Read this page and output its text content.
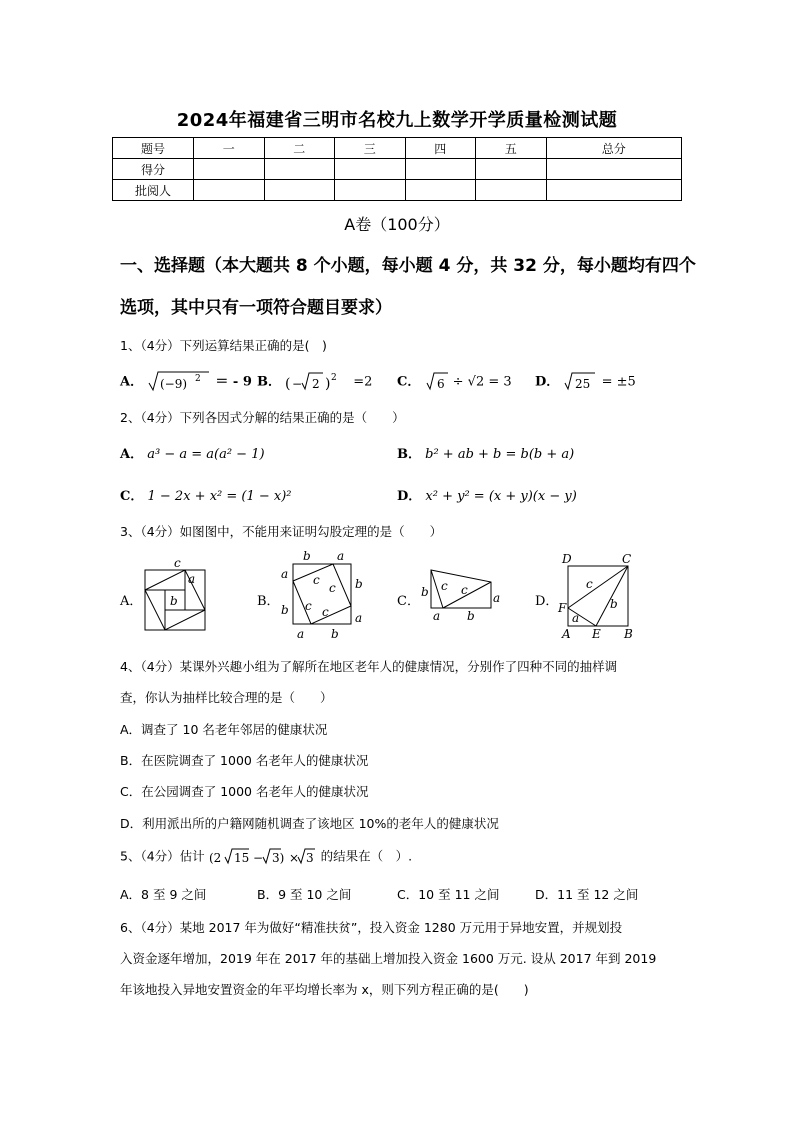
2024年福建省三明市名校九上数学开学质量检测试题
题号	一	二	三	四	五	总分
得分						
批阅人						
A卷（100分）
一、选择题（本大题共 8 个小题，每小题 4 分，共 32 分，每小题均有四个选项，其中只有一项符合题目要求）
1、（4分）下列运算结果正确的是(　)
A． (−9) 2 ＝ - 9 B． ( − 2 ) 2 =2 C． 6 ÷ √2 = 3 D． 25 = ±5
2、（4分）下列各因式分解的结果正确的是（　　）
A． a³ − a = a(a² − 1)	B． b² + ab + b = b(b + a)
C． 1 − 2x + x² = (1 − x)²	D． x² + y² = (x + y)(x − y)
3、（4分）如图图中，不能用来证明勾股定理的是（　　）
A．
c
a
b	B．
b a
a
b
b
a
a b
c
c
c c
C．
b c c
a
a b
D．
D	C
c
b
F
a
A E B
4、（4分）某课外兴趣小组为了解所在地区老年人的健康情况，分别作了四种不同的抽样调
查，你认为抽样比较合理的是（　　）
A．调查了 10 名老年邻居的健康状况
B．在医院调查了 1000 名老年人的健康状况
C．在公园调查了 1000 名老年人的健康状况
D．利用派出所的户籍网随机调查了该地区 10%的老年人的健康状况
5、（4分）估计 (2 15 − 3) × 3 的结果在（　）.
A．8 至 9 之间	B．9 至 10 之间	C．10 至 11 之间	D．11 至 12 之间
6、（4分）某地 2017 年为做好“精准扶贫”，投入资金 1280 万元用于异地安置，并规划投
入资金逐年增加，2019 年在 2017 年的基础上增加投入资金 1600 万元. 设从 2017 年到 2019
年该地投入异地安置资金的年平均增长率为 x，则下列方程正确的是(　　)
